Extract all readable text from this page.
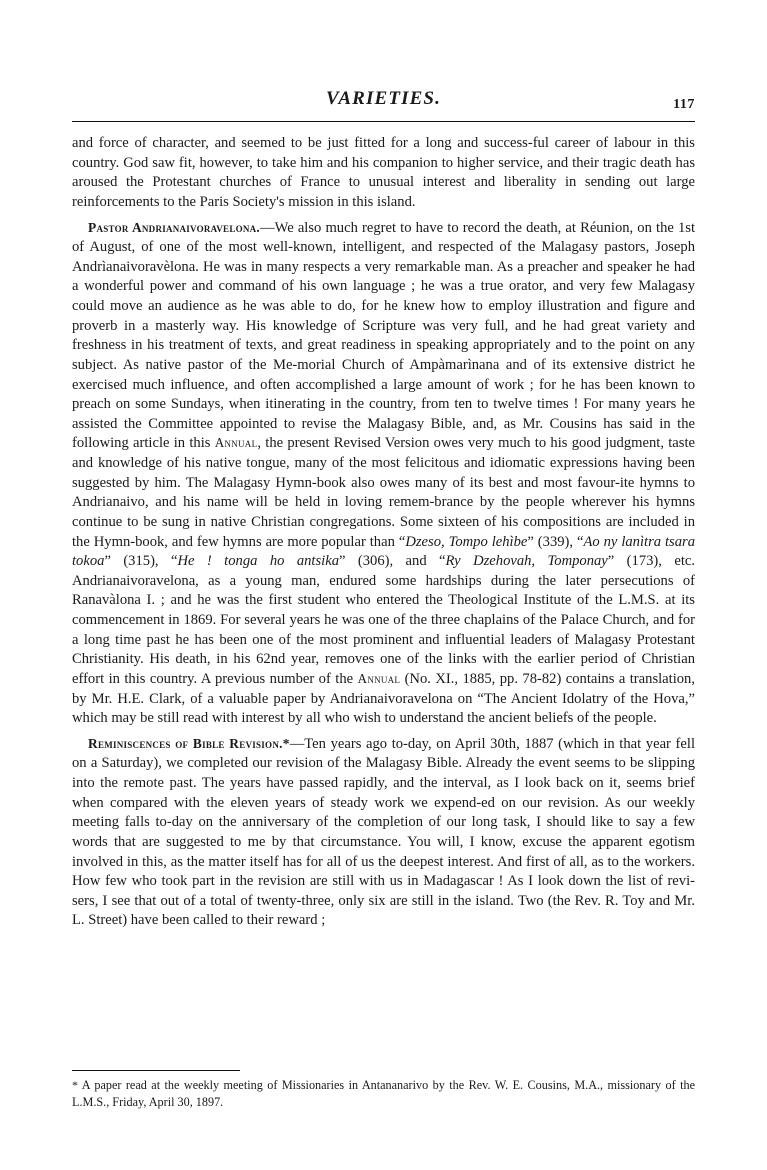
VARIETIES.	117

and force of character, and seemed to be just fitted for a long and success-ful career of labour in this country. God saw fit, however, to take him and his companion to higher service, and their tragic death has aroused the Protestant churches of France to unusual interest and liberality in sending out large reinforcements to the Paris Society's mission in this island.

Pastor Andrianaivoravelona.—We also much regret to have to record the death, at Réunion, on the 1st of August, of one of the most well-known, intelligent, and respected of the Malagasy pastors, Joseph Andrìanaivoravèlona. He was in many respects a very remarkable man. As a preacher and speaker he had a wonderful power and command of his own language ; he was a true orator, and very few Malagasy could move an audience as he was able to do, for he knew how to employ illustration and figure and proverb in a masterly way. His knowledge of Scripture was very full, and he had great variety and freshness in his treatment of texts, and great readiness in speaking appropriately and to the point on any subject. As native pastor of the Me-morial Church of Ampàmarìnana and of its extensive district he exercised much influence, and often accomplished a large amount of work ; for he has been known to preach on some Sundays, when itinerating in the country, from ten to twelve times ! For many years he assisted the Committee appointed to revise the Malagasy Bible, and, as Mr. Cousins has said in the following article in this Annual, the present Revised Version owes very much to his good judgment, taste and knowledge of his native tongue, many of the most felicitous and idiomatic expressions having been suggested by him. The Malagasy Hymn-book also owes many of its best and most favour-ite hymns to Andrianaivo, and his name will be held in loving remem-brance by the people wherever his hymns continue to be sung in native Christian congregations. Some sixteen of his compositions are included in the Hymn-book, and few hymns are more popular than “ǲeso, Tompo lehìbe” (339), “Ao ny lanìtra tsara tokoa” (315), “He ! tonga ho antsika” (306), and “Ry ǲehovah, Tomponay” (173), etc. Andrianaivoravelona, as a young man, endured some hardships during the later persecutions of Ranavàlona I. ; and he was the first student who entered the Theological Institute of the L.M.S. at its commencement in 1869. For several years he was one of the three chaplains of the Palace Church, and for a long time past he has been one of the most prominent and influential leaders of Malagasy Protestant Christianity. His death, in his 62nd year, removes one of the links with the earlier period of Christian effort in this country. A previous number of the Annual (No. XI., 1885, pp. 78-82) contains a translation, by Mr. H.E. Clark, of a valuable paper by Andrianaivoravelona on “The Ancient Idolatry of the Hova,” which may be still read with interest by all who wish to understand the ancient beliefs of the people.

Reminiscences of Bible Revision.*—Ten years ago to-day, on April 30th, 1887 (which in that year fell on a Saturday), we completed our revision of the Malagasy Bible. Already the event seems to be slipping into the remote past. The years have passed rapidly, and the interval, as I look back on it, seems brief when compared with the eleven years of steady work we expend-ed on our revision. As our weekly meeting falls to-day on the anniversary of the completion of our long task, I should like to say a few words that are suggested to me by that circumstance. You will, I know, excuse the apparent egotism involved in this, as the matter itself has for all of us the deepest interest. And first of all, as to the workers. How few who took part in the revision are still with us in Madagascar ! As I look down the list of revi-sers, I see that out of a total of twenty-three, only six are still in the island. Two (the Rev. R. Toy and Mr. L. Street) have been called to their reward ;

* A paper read at the weekly meeting of Missionaries in Antananarivo by the Rev. W. E. Cousins, M.A., missionary of the L.M.S., Friday, April 30, 1897.
